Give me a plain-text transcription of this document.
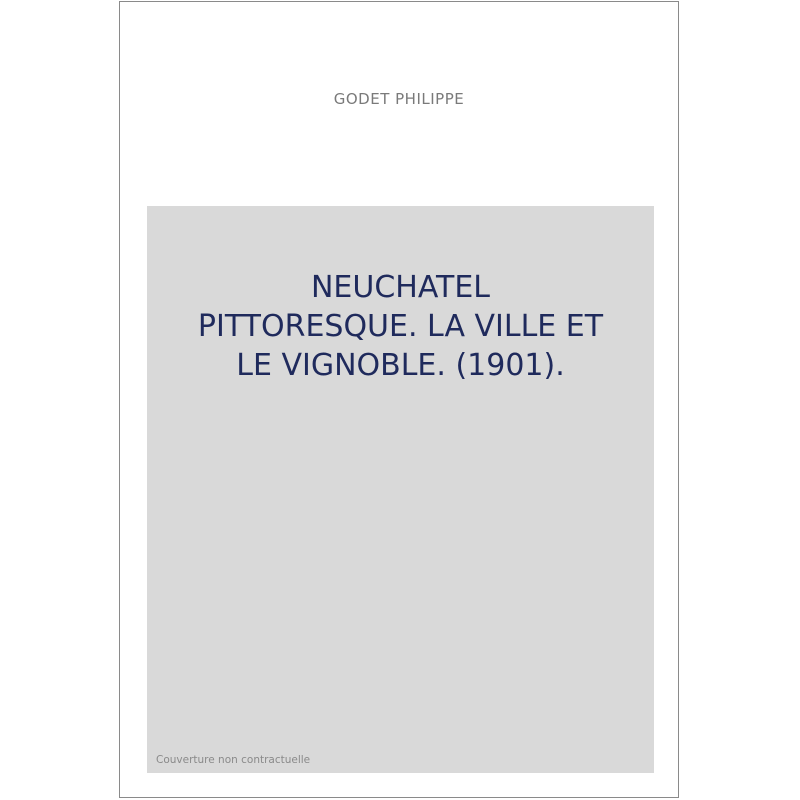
GODET PHILIPPE
NEUCHATEL
PITTORESQUE. LA VILLE ET
LE VIGNOBLE. (1901).
Couverture non contractuelle
